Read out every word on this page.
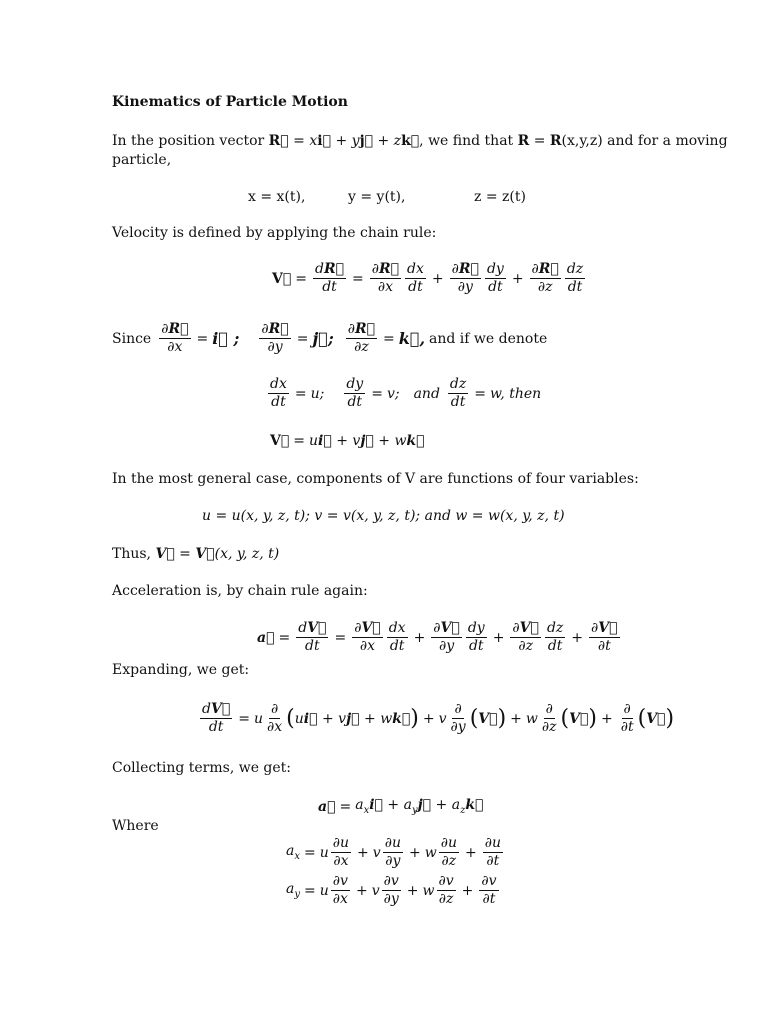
Kinematics of Particle Motion
In the position vector R⃗ = xi⃗ + yj⃗ + zk⃗, we find that R = R(x,y,z) and for a moving
particle,
x = x(t),	y = y(t),	z = z(t)
Velocity is defined by applying the chain rule:
V⃗ = $\frac{dR⃗}{dt} = \frac{\partial R⃗}{\partial x} \frac{dx}{dt} + \frac{\partial R⃗}{\partial y} \frac{dy}{dt} + \frac{\partial R⃗}{\partial z} \frac{dz}{dt}$
Since $\frac{\partial R⃗}{\partial x}$ = i⃗ ; $\frac{\partial R⃗}{\partial y}$ = j⃗; $\frac{\partial R⃗}{\partial z}$ = k⃗, and if we denote
$\frac{dx}{dt} = u$; $\frac{dy}{dt} = v$; and $\frac{dz}{dt} = w$, then
V⃗ = ui⃗ + vj⃗ + wk⃗
In the most general case, components of V are functions of four variables:
u = u(x, y, z, t); v = v(x, y, z, t); and w = w(x, y, z, t)
Thus, V⃗ = V⃗(x, y, z, t)
Acceleration is, by chain rule again:
a⃗ = $\frac{dV⃗}{dt} = \frac{\partial V⃗}{\partial x} \frac{dx}{dt} + \frac{\partial V⃗}{\partial y} \frac{dy}{dt} + \frac{\partial V⃗}{\partial z} \frac{dz}{dt} + \frac{\partial V⃗}{\partial t}$
Expanding, we get:
$\frac{dV⃗}{dt} = u \frac{\partial}{\partial x}$ ( ui⃗ + vj⃗ + wk⃗ ) + v $\frac{\partial}{\partial y}$ ( V⃗ ) + w $\frac{\partial}{\partial z}$ ( V⃗ ) + $\frac{\partial}{\partial t}$ ( V⃗ )
Collecting terms, we get:
a⃗ = $a_xi⃗$ + $a_yj⃗$ + $a_zk⃗$
Where
$a_x = u \frac{\partial u}{\partial x} + v \frac{\partial u}{\partial y} + w \frac{\partial u}{\partial z} + \frac{\partial u}{\partial t}$
$a_y = u \frac{\partial v}{\partial x} + v \frac{\partial v}{\partial y} + w \frac{\partial v}{\partial z} + \frac{\partial v}{\partial t}$
